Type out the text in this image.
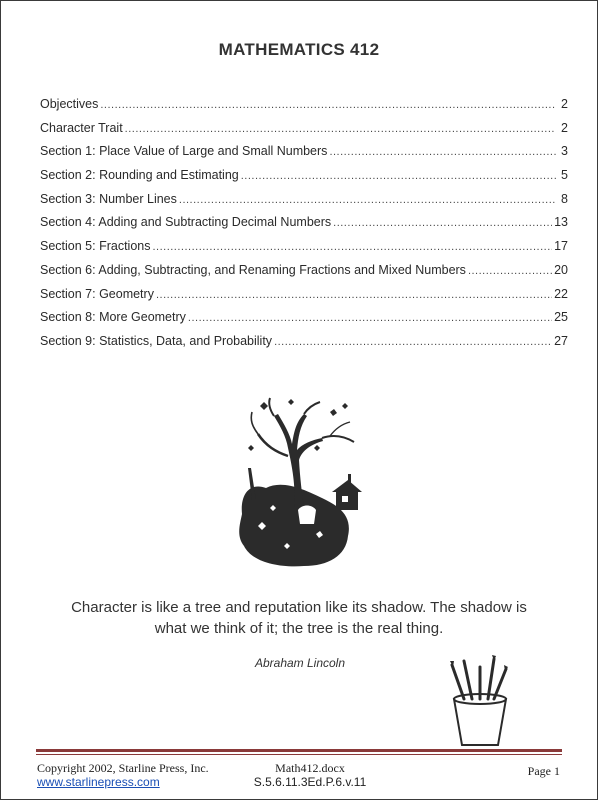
MATHEMATICS 412
Objectives .....	2
Character Trait .....	2
Section 1: Place Value of Large and Small Numbers .....	3
Section 2: Rounding and Estimating .....	5
Section 3: Number Lines .....	8
Section 4: Adding and Subtracting Decimal Numbers .....	13
Section 5: Fractions .....	17
Section 6: Adding, Subtracting, and Renaming Fractions and Mixed Numbers .....	20
Section 7: Geometry .....	22
Section 8: More Geometry .....	25
Section 9: Statistics, Data, and Probability .....	27
Character is like a tree and reputation like its shadow. The shadow is
what we think of it; the tree is the real thing.
Abraham Lincoln
Copyright 2002, Starline Press, Inc.
www.starlinepress.com
Math412.docx
S.5.6.11.3Ed.P.6.v.11
Page 1
